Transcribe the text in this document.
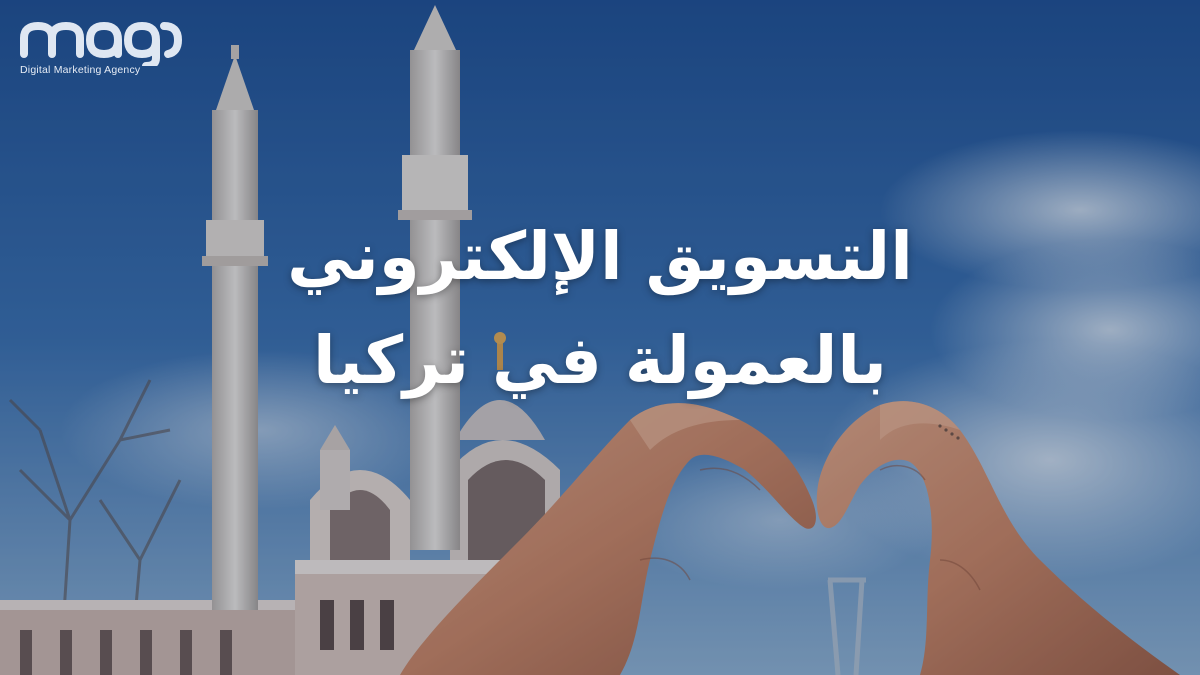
Digital Marketing Agency
التسويق الإلكتروني
بالعمولة في تركيا
